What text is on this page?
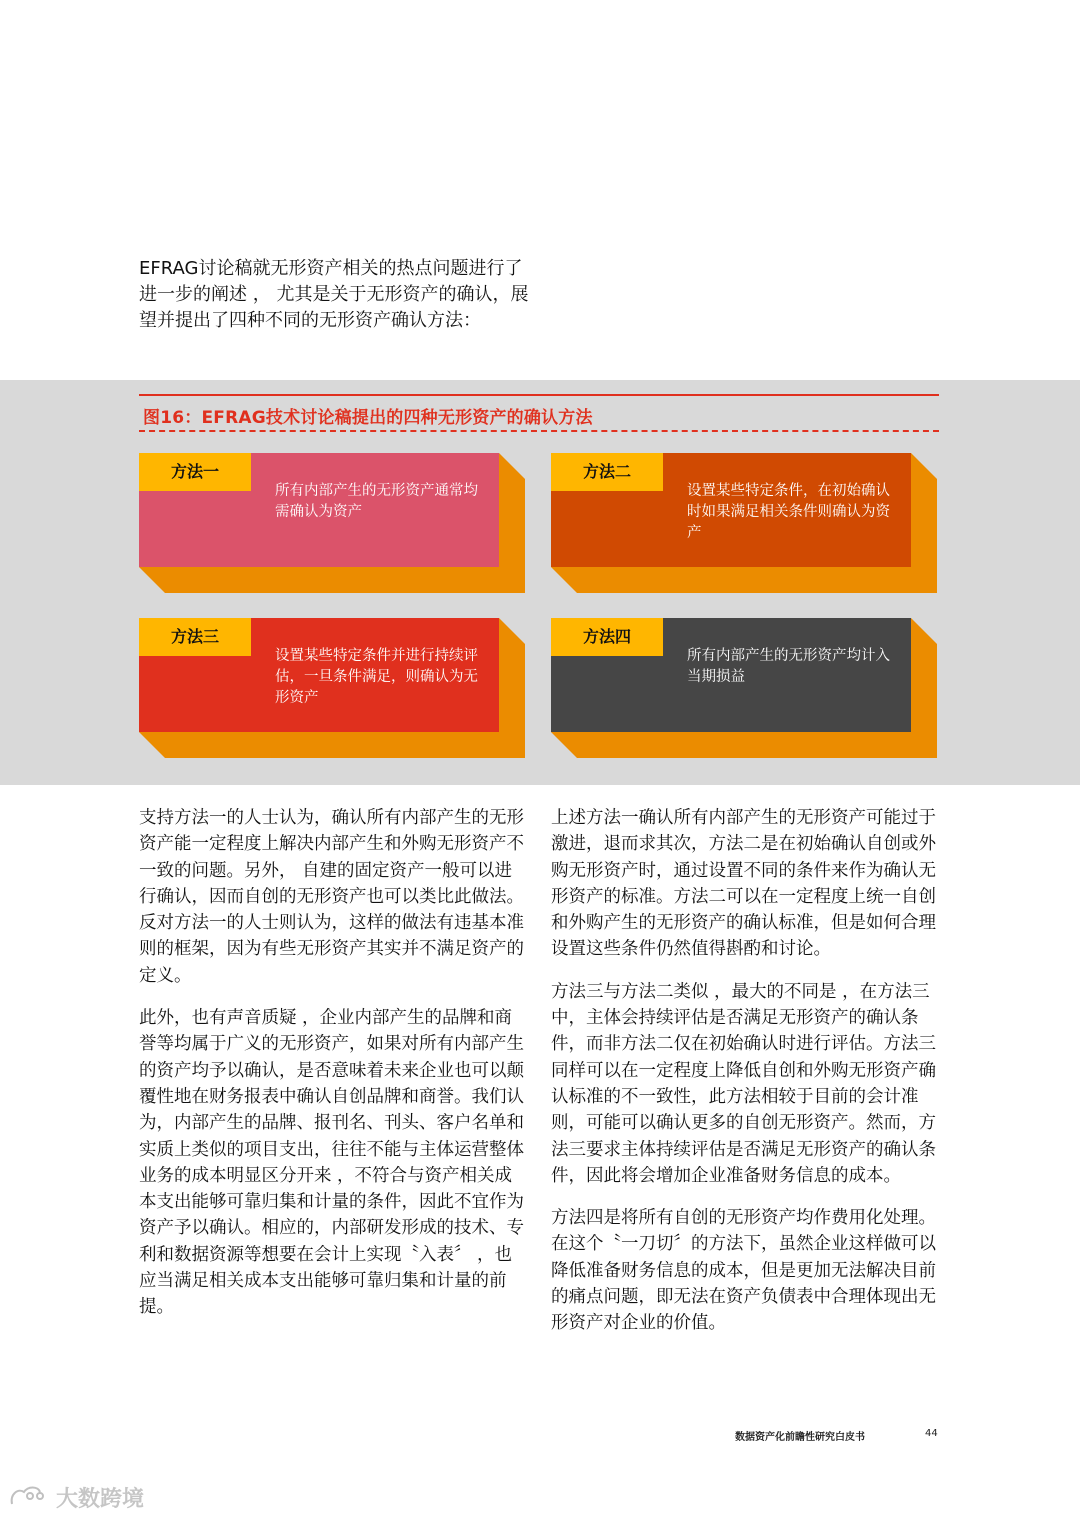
EFRAG讨论稿就无形资产相关的热点问题进行了进一步的阐述 ， 尤其是关于无形资产的确认，展望并提出了四种不同的无形资产确认方法：
图16：EFRAG技术讨论稿提出的四种无形资产的确认方法
方法一
所有内部产生的无形资产通常均需确认为资产
方法二
设置某些特定条件，在初始确认时如果满足相关条件则确认为资产
方法三
设置某些特定条件并进行持续评估，一旦条件满足，则确认为无形资产
方法四
所有内部产生的无形资产均计入当期损益

支持方法一的人士认为，确认所有内部产生的无形资产能一定程度上解决内部产生和外购无形资产不一致的问题。另外， 自建的固定资产一般可以进行确认，因而自创的无形资产也可以类比此做法。反对方法一的人士则认为，这样的做法有违基本准则的框架，因为有些无形资产其实并不满足资产的定义。

此外，也有声音质疑 ，企业内部产生的品牌和商誉等均属于广义的无形资产，如果对所有内部产生的资产均予以确认，是否意味着未来企业也可以颠覆性地在财务报表中确认自创品牌和商誉。我们认为，内部产生的品牌、报刊名、刊头、客户名单和实质上类似的项目支出，往往不能与主体运营整体业务的成本明显区分开来 ，不符合与资产相关成本支出能够可靠归集和计量的条件，因此不宜作为资产予以确认。相应的，内部研发形成的技术、专利和数据资源等想要在会计上实现〝入表〞 ，也应当满足相关成本支出能够可靠归集和计量的前提。

上述方法一确认所有内部产生的无形资产可能过于激进，退而求其次，方法二是在初始确认自创或外购无形资产时，通过设置不同的条件来作为确认无形资产的标准。方法二可以在一定程度上统一自创和外购产生的无形资产的确认标准，但是如何合理设置这些条件仍然值得斟酌和讨论。

方法三与方法二类似 ，最大的不同是 ，在方法三中，主体会持续评估是否满足无形资产的确认条件，而非方法二仅在初始确认时进行评估。方法三同样可以在一定程度上降低自创和外购无形资产确认标准的不一致性，此方法相较于目前的会计准则，可能可以确认更多的自创无形资产。然而，方法三要求主体持续评估是否满足无形资产的确认条件，因此将会增加企业准备财务信息的成本。

方法四是将所有自创的无形资产均作费用化处理。在这个〝一刀切〞的方法下，虽然企业这样做可以降低准备财务信息的成本，但是更加无法解决目前的痛点问题，即无法在资产负债表中合理体现出无形资产对企业的价值。

数据资产化前瞻性研究白皮书	44
大数跨境
